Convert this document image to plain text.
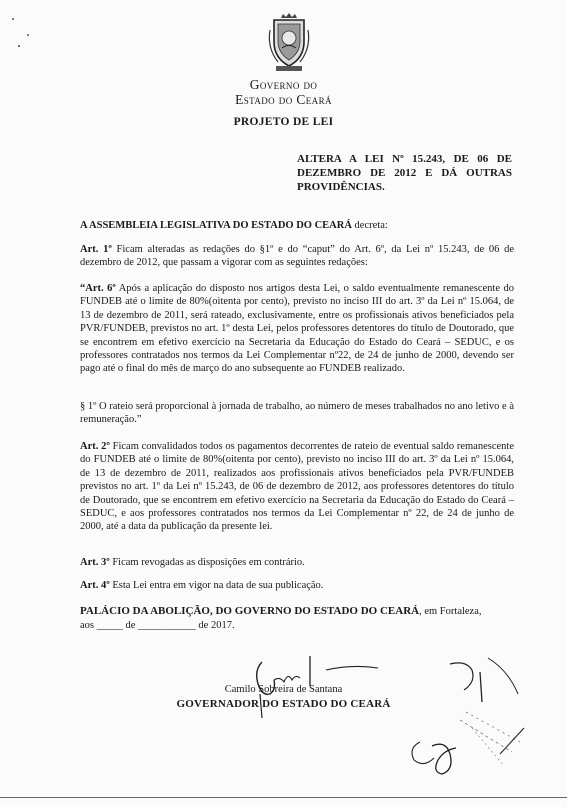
Governo do
Estado do Ceará
PROJETO DE LEI
ALTERA A LEI Nº 15.243, DE 06 DE DEZEMBRO DE 2012 E DÁ OUTRAS PROVIDÊNCIAS.
A ASSEMBLEIA LEGISLATIVA DO ESTADO DO CEARÁ decreta:
Art. 1º Ficam alteradas as redações do §1º e do “caput” do Art. 6º, da Lei nº 15.243, de 06 de dezembro de 2012, que passam a vigorar com as seguintes redações:
“Art. 6º Após a aplicação do disposto nos artigos desta Lei, o saldo eventualmente remanescente do FUNDEB até o limite de 80%(oitenta por cento), previsto no inciso III do art. 3º da Lei nº 15.064, de 13 de dezembro de 2011, será rateado, exclusivamente, entre os profissionais ativos beneficiados pela PVR/FUNDEB, previstos no art. 1º desta Lei, pelos professores detentores do título de Doutorado, que se encontrem em efetivo exercício na Secretaria da Educação do Estado do Ceará – SEDUC, e os professores contratados nos termos da Lei Complementar nº22, de 24 de junho de 2000, devendo ser pago até o final do mês de março do ano subsequente ao FUNDEB realizado.
§ 1º O rateio será proporcional à jornada de trabalho, ao número de meses trabalhados no ano letivo e à remuneração.”
Art. 2º Ficam convalidados todos os pagamentos decorrentes de rateio de eventual saldo remanescente do FUNDEB até o limite de 80%(oitenta por cento), previsto no inciso III do art. 3º da Lei nº 15.064, de 13 de dezembro de 2011, realizados aos profissionais ativos beneficiados pela PVR/FUNDEB previstos no art. 1º da Lei nº 15.243, de 06 de dezembro de 2012, aos professores detentores do título de Doutorado, que se encontrem em efetivo exercício na Secretaria da Educação do Estado do Ceará – SEDUC, e aos professores contratados nos termos da Lei Complementar nº 22, de 24 de junho de 2000, até a data da publicação da presente lei.
Art. 3º Ficam revogadas as disposições em contrário.
Art. 4º Esta Lei entra em vigor na data de sua publicação.
PALÁCIO DA ABOLIÇÃO, DO GOVERNO DO ESTADO DO CEARÁ, em Fortaleza,
aos _____ de ___________ de 2017.
Camilo Sobreira de Santana
GOVERNADOR DO ESTADO DO CEARÁ
